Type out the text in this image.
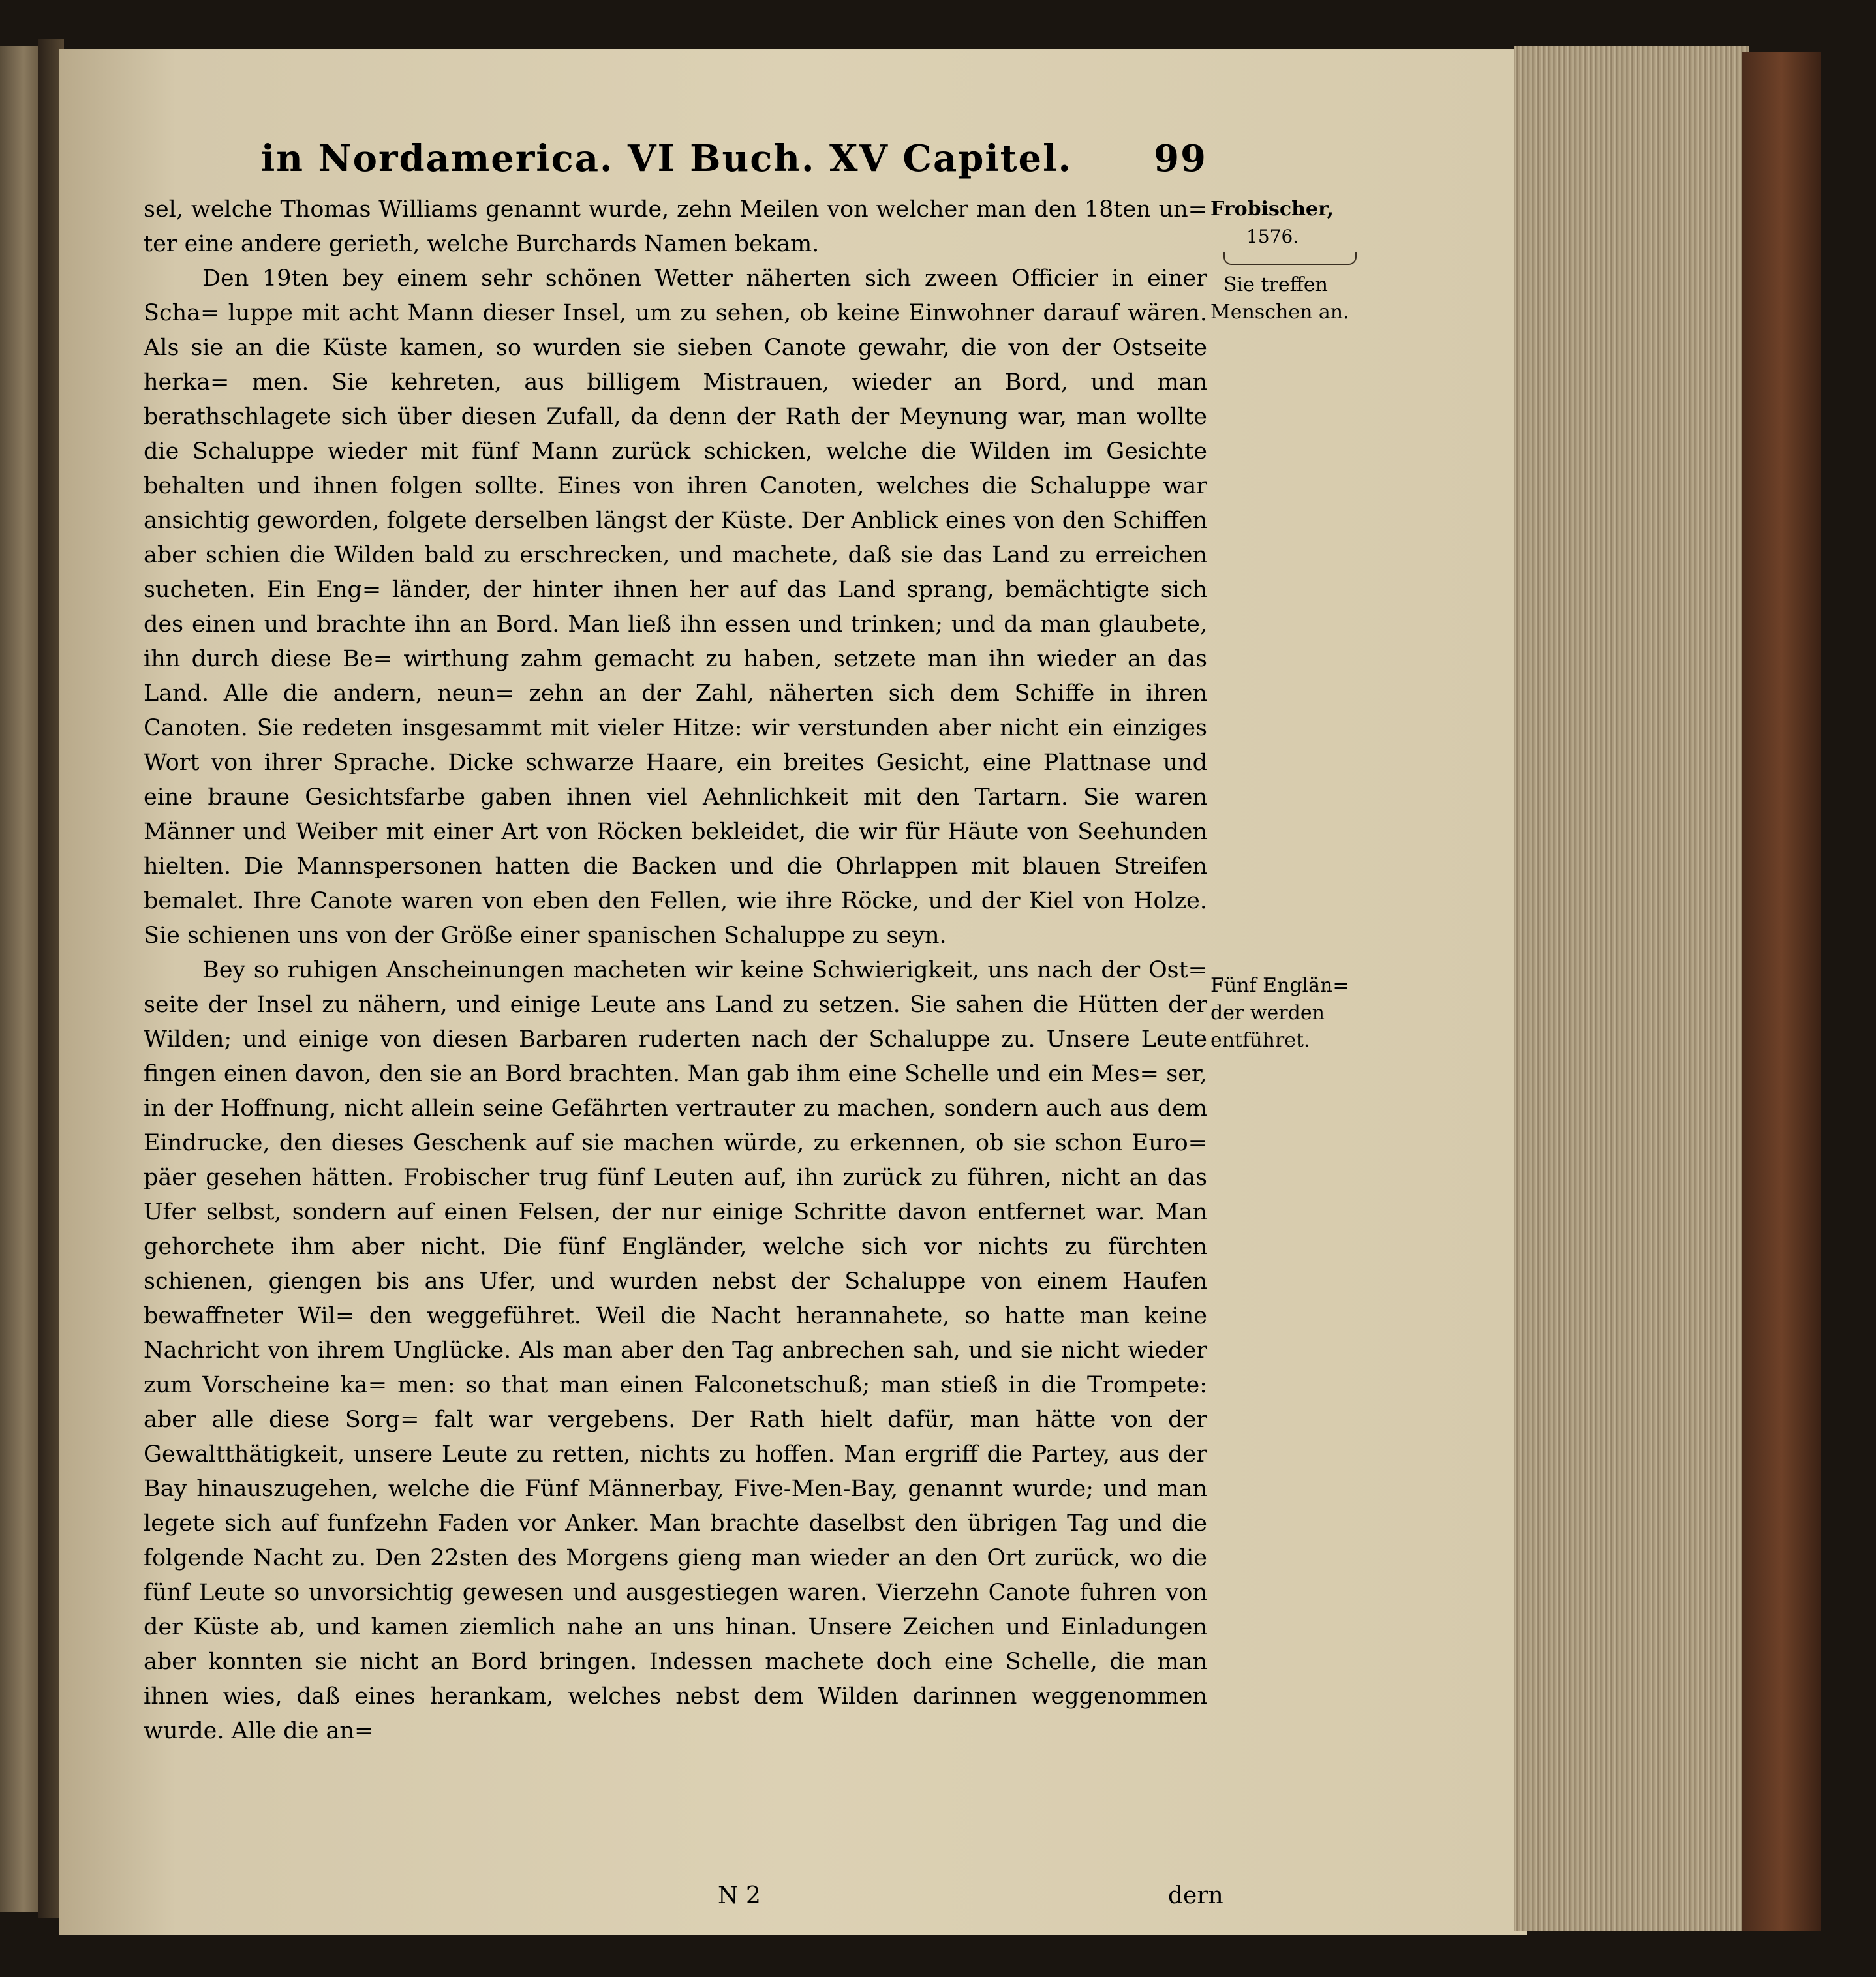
in Nordamerica. VI Buch. XV Capitel. 99

sel, welche Thomas Williams genannt wurde, zehn Meilen von welcher man den 18ten un= ter eine andere gerieth, welche Burchards Namen bekam.

Den 19ten bey einem sehr schönen Wetter näherten sich zween Officier in einer Scha= luppe mit acht Mann dieser Insel, um zu sehen, ob keine Einwohner darauf wären. Als sie an die Küste kamen, so wurden sie sieben Canote gewahr, die von der Ostseite herka= men. Sie kehreten, aus billigem Mistrauen, wieder an Bord, und man berathschlagete sich über diesen Zufall, da denn der Rath der Meynung war, man wollte die Schaluppe wieder mit fünf Mann zurück schicken, welche die Wilden im Gesichte behalten und ihnen folgen sollte. Eines von ihren Canoten, welches die Schaluppe war ansichtig geworden, folgete derselben längst der Küste. Der Anblick eines von den Schiffen aber schien die Wilden bald zu erschrecken, und machete, daß sie das Land zu erreichen sucheten. Ein Eng= länder, der hinter ihnen her auf das Land sprang, bemächtigte sich des einen und brachte ihn an Bord. Man ließ ihn essen und trinken; und da man glaubete, ihn durch diese Be= wirthung zahm gemacht zu haben, setzete man ihn wieder an das Land. Alle die andern, neun= zehn an der Zahl, näherten sich dem Schiffe in ihren Canoten. Sie redeten insgesammt mit vieler Hitze: wir verstunden aber nicht ein einziges Wort von ihrer Sprache. Dicke schwarze Haare, ein breites Gesicht, eine Plattnase und eine braune Gesichtsfarbe gaben ihnen viel Aehnlichkeit mit den Tartarn. Sie waren Männer und Weiber mit einer Art von Röcken bekleidet, die wir für Häute von Seehunden hielten. Die Mannspersonen hatten die Backen und die Ohrlappen mit blauen Streifen bemalet. Ihre Canote waren von eben den Fellen, wie ihre Röcke, und der Kiel von Holze. Sie schienen uns von der Größe einer spanischen Schaluppe zu seyn.

Bey so ruhigen Anscheinungen macheten wir keine Schwierigkeit, uns nach der Ost= seite der Insel zu nähern, und einige Leute ans Land zu setzen. Sie sahen die Hütten der Wilden; und einige von diesen Barbaren ruderten nach der Schaluppe zu. Unsere Leute fingen einen davon, den sie an Bord brachten. Man gab ihm eine Schelle und ein Mes= ser, in der Hoffnung, nicht allein seine Gefährten vertrauter zu machen, sondern auch aus dem Eindrucke, den dieses Geschenk auf sie machen würde, zu erkennen, ob sie schon Euro= päer gesehen hätten. Frobischer trug fünf Leuten auf, ihn zurück zu führen, nicht an das Ufer selbst, sondern auf einen Felsen, der nur einige Schritte davon entfernet war. Man gehorchete ihm aber nicht. Die fünf Engländer, welche sich vor nichts zu fürchten schienen, giengen bis ans Ufer, und wurden nebst der Schaluppe von einem Haufen bewaffneter Wil= den weggeführet. Weil die Nacht herannahete, so hatte man keine Nachricht von ihrem Unglücke. Als man aber den Tag anbrechen sah, und sie nicht wieder zum Vorscheine ka= men: so that man einen Falconetschuß; man stieß in die Trompete: aber alle diese Sorg= falt war vergebens. Der Rath hielt dafür, man hätte von der Gewaltthätigkeit, unsere Leute zu retten, nichts zu hoffen. Man ergriff die Partey, aus der Bay hinauszugehen, welche die Fünf Männerbay, Five-Men-Bay, genannt wurde; und man legete sich auf funfzehn Faden vor Anker. Man brachte daselbst den übrigen Tag und die folgende Nacht zu. Den 22sten des Morgens gieng man wieder an den Ort zurück, wo die fünf Leute so unvorsichtig gewesen und ausgestiegen waren. Vierzehn Canote fuhren von der Küste ab, und kamen ziemlich nahe an uns hinan. Unsere Zeichen und Einladungen aber konnten sie nicht an Bord bringen. Indessen machete doch eine Schelle, die man ihnen wies, daß eines herankam, welches nebst dem Wilden darinnen weggenommen wurde. Alle die an=

Frobischer,
1576.
Sie treffen
Menschen an.
Fünf Englän=
der werden
entführet.
N 2	dern
